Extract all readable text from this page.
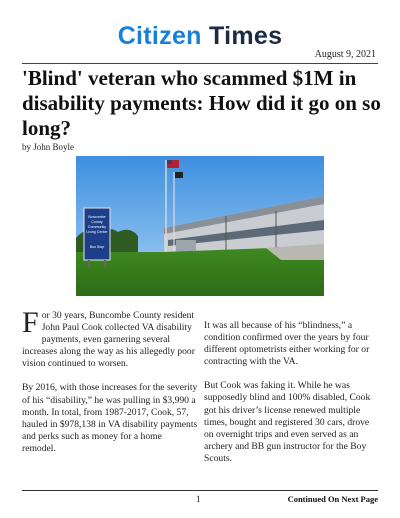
Citizen Times
August 9, 2021
'Blind' veteran who scammed $1M in disability payments: How did it go on so long?
by John Boyle
Buncombe
County
Community
Living Center
Bus Stop

For 30 years, Buncombe County resident John Paul Cook collected VA disability payments, even garnering several increases along the way as his allegedly poor vision continued to worsen.

By 2016, with those increases for the severity of his “disability,” he was pulling in $3,990 a month. In total, from 1987-2017, Cook, 57, hauled in $978,138 in VA disability payments and perks such as money for a home remodel.

It was all because of his “blindness,” a condition confirmed over the years by four different optometrists either working for or contracting with the VA.

But Cook was faking it. While he was supposedly blind and 100% disabled, Cook got his driver’s license renewed multiple times, bought and registered 30 cars, drove on overnight trips and even served as an archery and BB gun instructor for the Boy Scouts.

1	Continued On Next Page
